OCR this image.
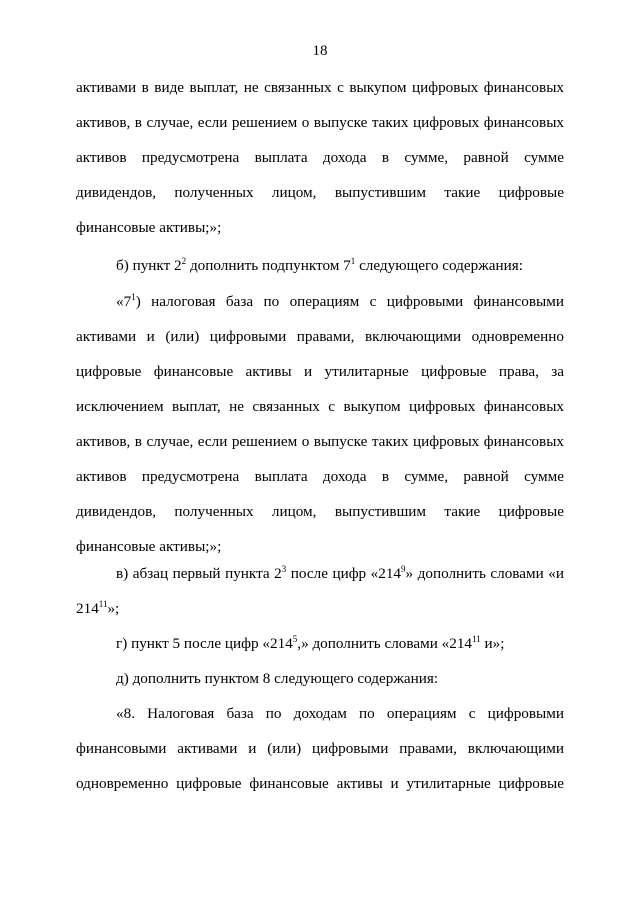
18
активами в виде выплат, не связанных с выкупом цифровых финансовых
активов, в случае, если решением о выпуске таких цифровых финансовых
активов предусмотрена выплата дохода в сумме, равной сумме
дивидендов, полученных лицом, выпустившим такие цифровые
финансовые активы;»;
б) пункт $2^2$ дополнить подпунктом $7^1$ следующего содержания:
«$7^1$) налоговая база по операциям с цифровыми финансовыми
активами и (или) цифровыми правами, включающими одновременно
цифровые финансовые активы и утилитарные цифровые права, за
исключением выплат, не связанных с выкупом цифровых финансовых
активов, в случае, если решением о выпуске таких цифровых финансовых
активов предусмотрена выплата дохода в сумме, равной сумме
дивидендов, полученных лицом, выпустившим такие цифровые
финансовые активы;»;
в) абзац первый пункта $2^3$ после цифр «$214^9$» дополнить словами «и
$214^{11}$»;
г) пункт 5 после цифр «$214^5$,» дополнить словами «$214^{11}$ и»;
д) дополнить пунктом 8 следующего содержания:
«8. Налоговая база по доходам по операциям с цифровыми
финансовыми активами и (или) цифровыми правами, включающими
одновременно цифровые финансовые активы и утилитарные цифровые
